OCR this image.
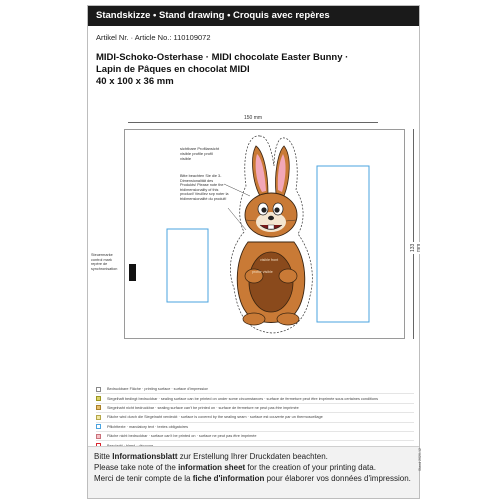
Standskizze • Stand drawing • Croquis avec repères
Artikel Nr. · Article No.: 110109072
MIDI-Schoko-Osterhase · MIDI chocolate Easter Bunny ·
Lapin de Pâques en chocolat MIDI
40 x 100 x 36 mm
150 mm
133 mm
Steuermarke control mark repère de synchronisation
sichtbare Profilansicht visible profile profil visible
Bitte beachten Sie die 3-Dimensionalität des Produkts! Please note the tridimensionality of this product! Veuillez svp noter la tridimensionalité du produit!
visible front
profile visible
Bedruckbare Fläche · printing surface · surface d'impression
Siegelhaft bedingt bedruckbar · sealing surface can be printed on under some circumstances · surface de fermeture peut être imprimée sous certaines conditions
Siegelnaht nicht bedruckbar · sealing surface can't be printed on · surface de fermeture ne peut pas être imprimée
Fläche wird durch die Siegelnaht verdeckt · surface is covered by the sealing seam · surface est couverte par un thermoscellage
Pflichttexte · mandatory text · textes obligatoires
Fläche nicht bedruckbar · surface can't be printed on · surface ne peut pas être imprimée
Bitte Informationsblatt zur Erstellung Ihrer Druckdaten beachten.
Please take note of the information sheet for the creation of your printing data.
Merci de tenir compte de la fiche d'information pour élaborer vos données d'impression.
Stand 2020-12
